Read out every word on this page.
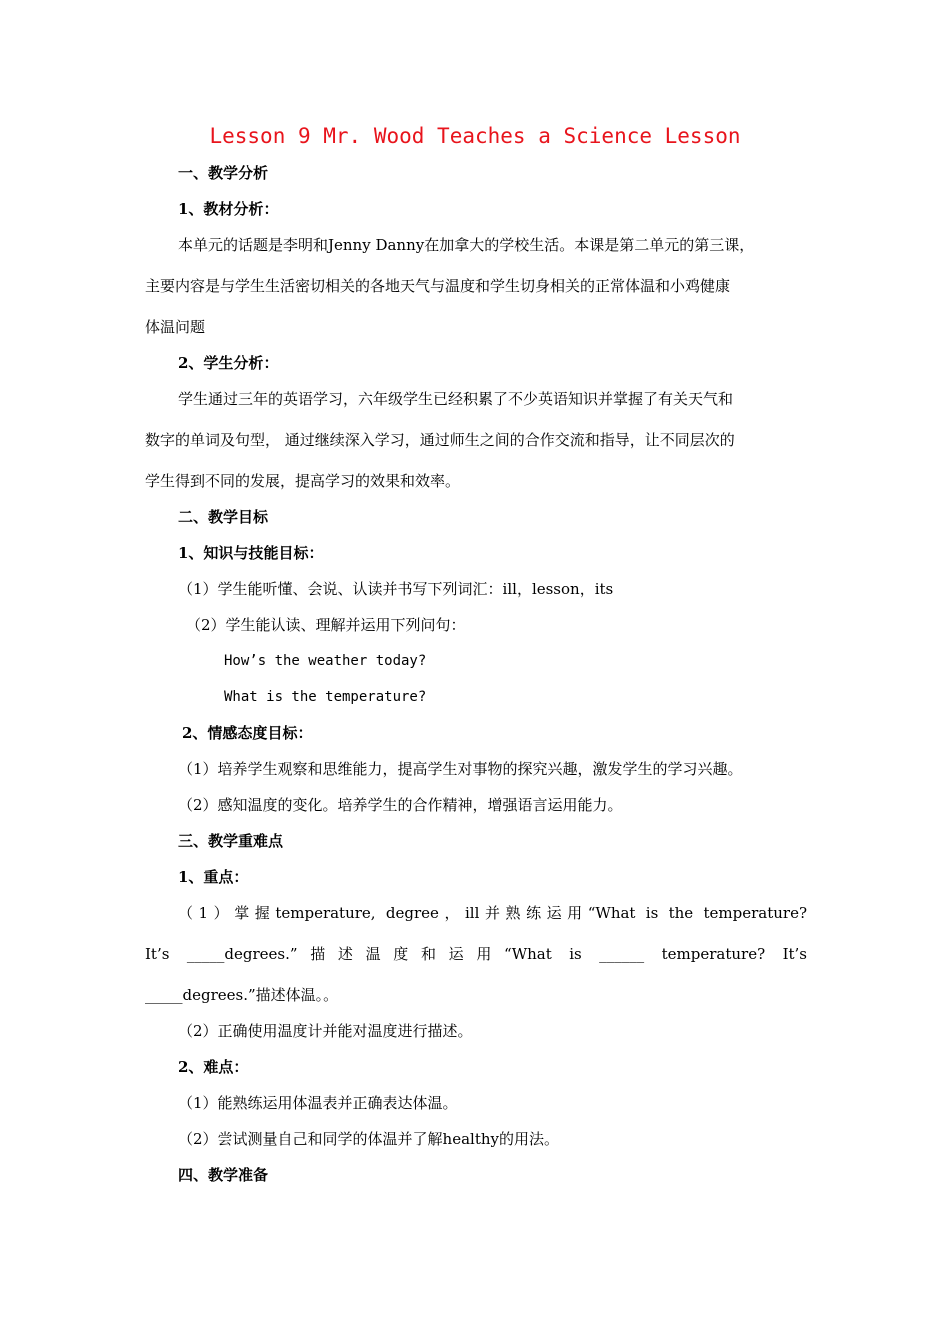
Lesson 9 Mr. Wood Teaches a Science Lesson
一、教学分析
1、教材分析：
本单元的话题是李明和Jenny Danny在加拿大的学校生活。本课是第二单元的第三课，
主要内容是与学生生活密切相关的各地天气与温度和学生切身相关的正常体温和小鸡健康
体温问题
2、学生分析：
学生通过三年的英语学习，六年级学生已经积累了不少英语知识并掌握了有关天气和
数字的单词及句型， 通过继续深入学习，通过师生之间的合作交流和指导，让不同层次的
学生得到不同的发展，提高学习的效果和效率。
二、教学目标
1、知识与技能目标：
（1）学生能听懂、会说、认读并书写下列词汇：ill，lesson，its
（2）学生能认读、理解并运用下列问句：
How’s the weather today?
What is the temperature?
2、情感态度目标：
（1）培养学生观察和思维能力，提高学生对事物的探究兴趣，激发学生的学习兴趣。
（2）感知温度的变化。培养学生的合作精神，增强语言运用能力。
三、教学重难点
1、重点：
（1）掌握temperature, degree，ill并熟练运用“What is the temperature?
It’s _____degrees.”描述温度和运用“What is ______ temperature? It’s
_____degrees.”描述体温。。
（2）正确使用温度计并能对温度进行描述。
2、难点：
（1）能熟练运用体温表并正确表达体温。
（2）尝试测量自己和同学的体温并了解healthy的用法。
四、教学准备
